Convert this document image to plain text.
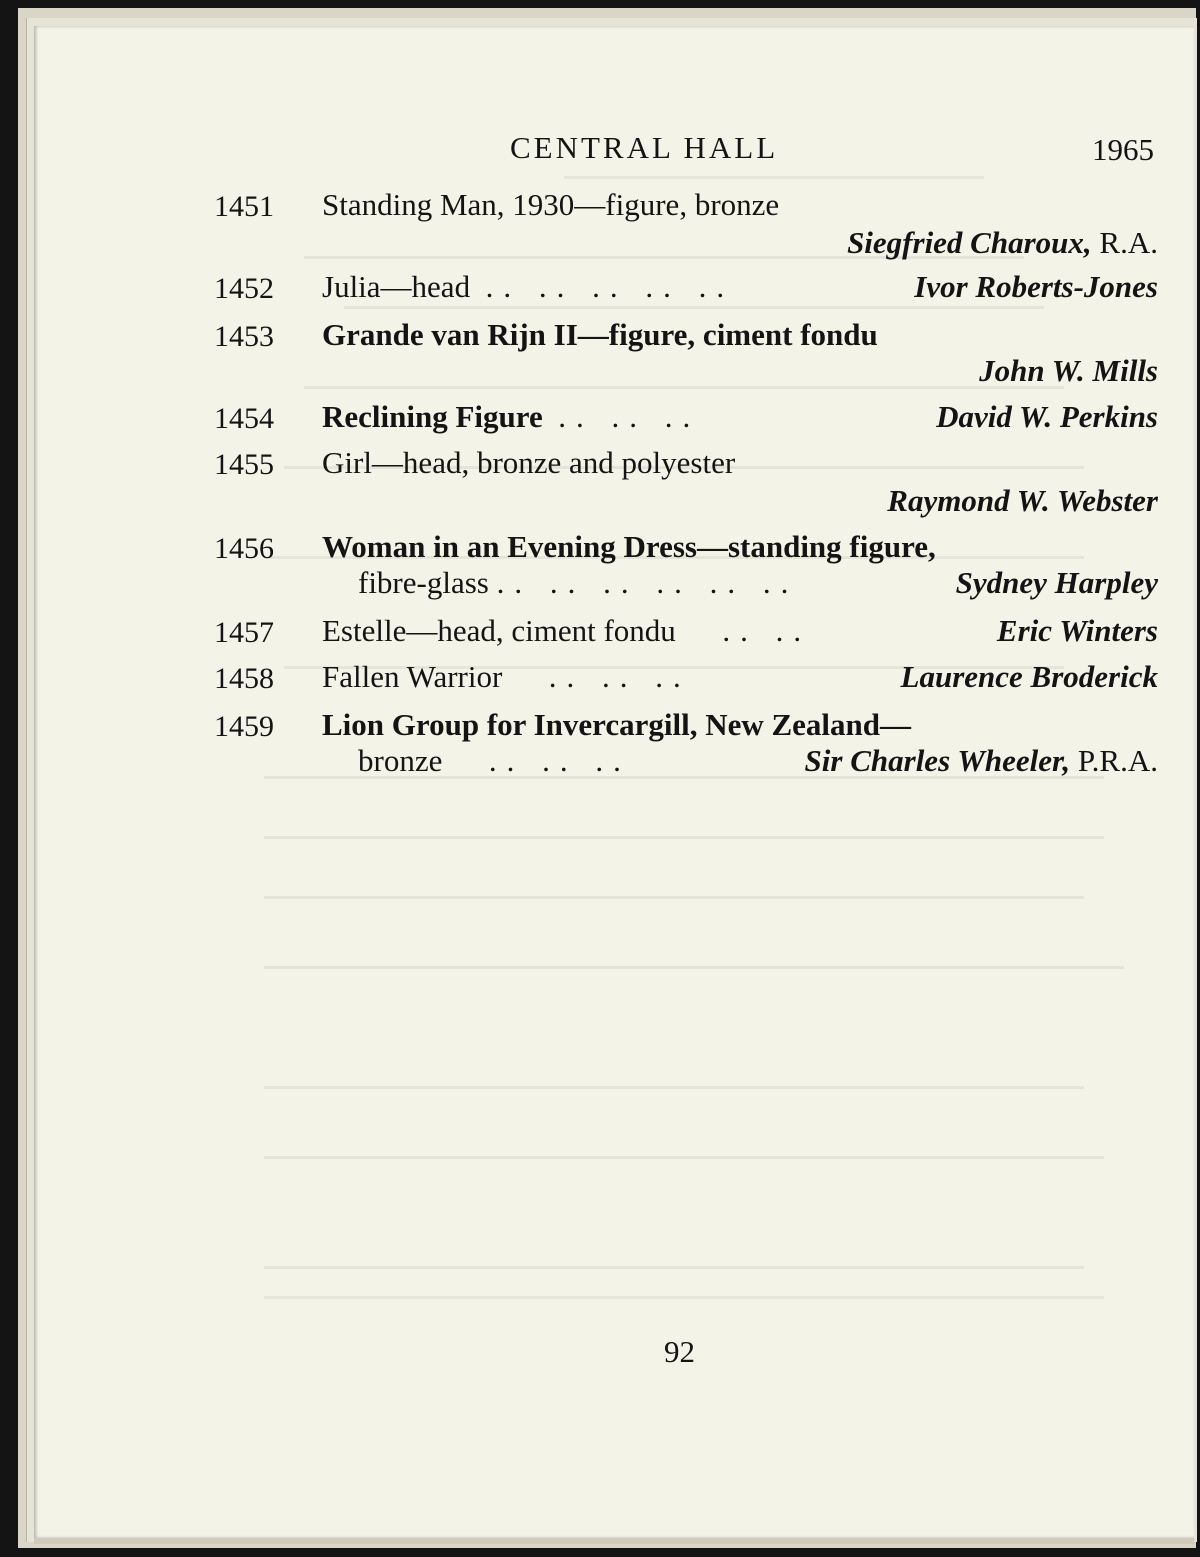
CENTRAL HALL	1965
1451 Standing Man, 1930—figure, bronze
Siegfried Charoux, R.A.
1452 Julia—head .. .. .. .. ..	Ivor Roberts-Jones
1453 Grande van Rijn II—figure, ciment fondu
John W. Mills
1454 Reclining Figure .. .. ..	David W. Perkins
1455 Girl—head, bronze and polyester
Raymond W. Webster
1456 Woman in an Evening Dress—standing figure,
fibre-glass .. .. .. .. .. ..	Sydney Harpley
1457 Estelle—head, ciment fondu .. ..	Eric Winters
1458 Fallen Warrior .. .. ..	Laurence Broderick
1459 Lion Group for Invercargill, New Zealand—
bronze .. .. ..	Sir Charles Wheeler, P.R.A.
92
